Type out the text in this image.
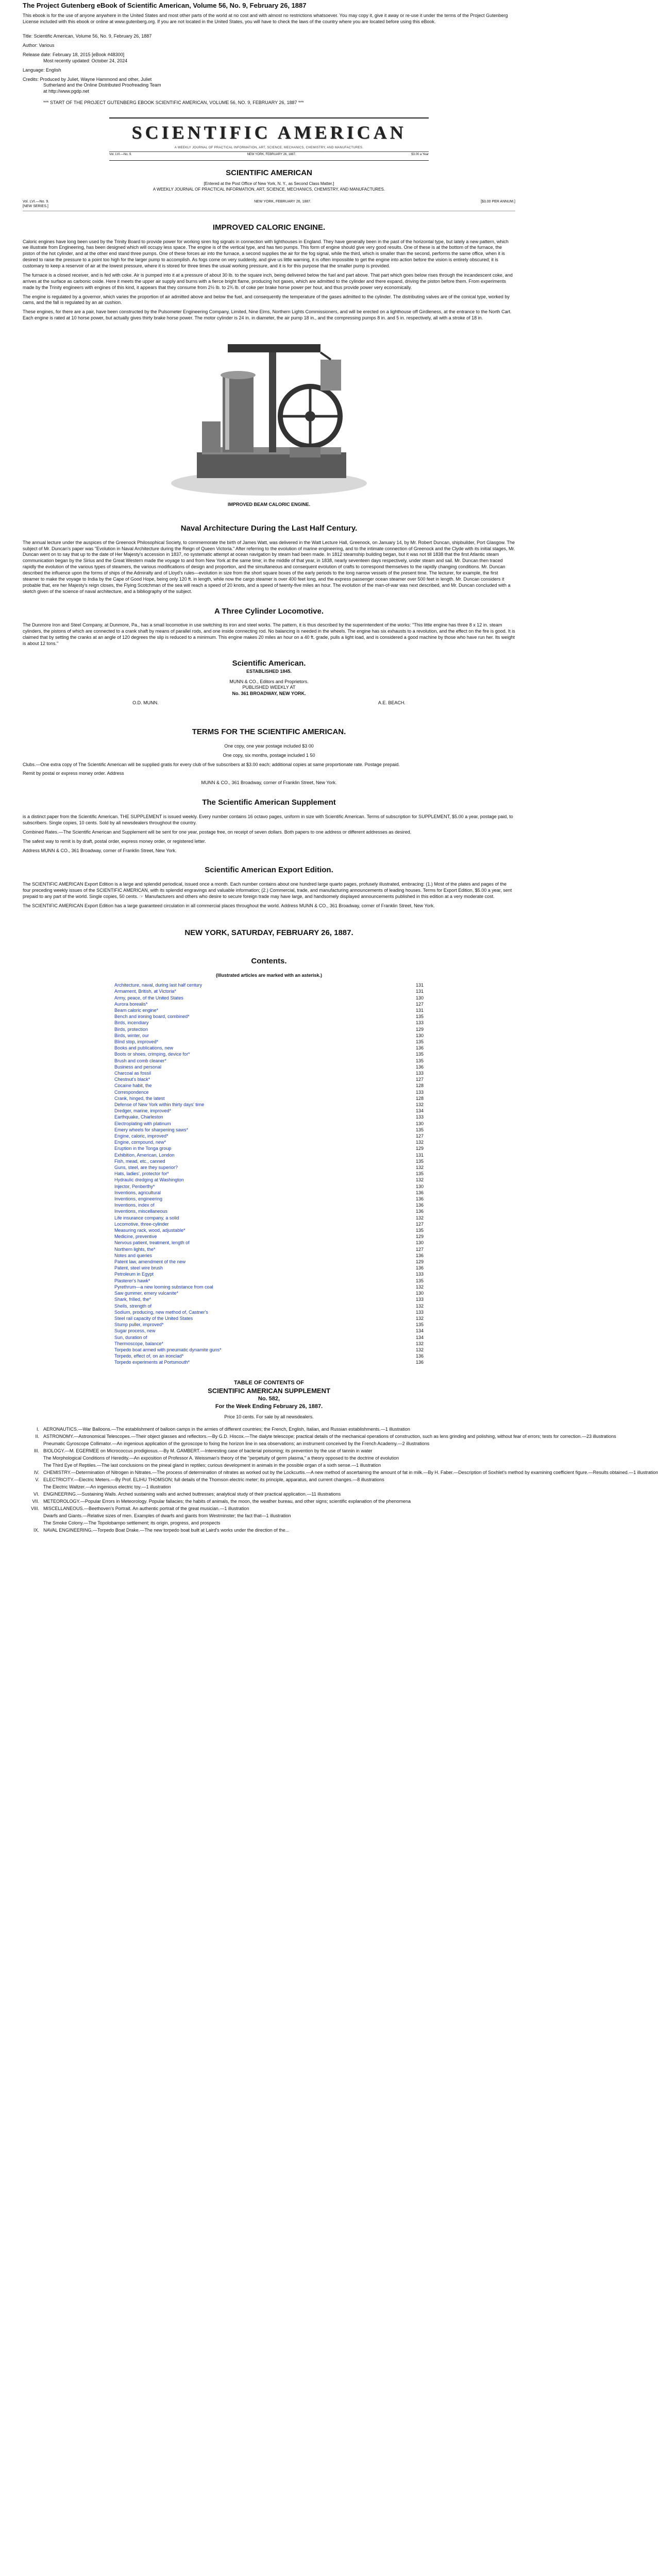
The Project Gutenberg eBook of Scientific American, Volume 56, No. 9, February 26, 1887

This ebook is for the use of anyone anywhere in the United States and most other parts of the world at no cost and with almost no restrictions whatsoever. You may copy it, give it away or re-use it under the terms of the Project Gutenberg License included with this ebook or online at www.gutenberg.org. If you are not located in the United States, you will have to check the laws of the country where you are located before using this eBook.

Title: Scientific American, Volume 56, No. 9, February 26, 1887

Author: Various

Release date: February 18, 2015 [eBook #48300]

Most recently updated: October 24, 2024

Language: English

Credits: Produced by Juliet, Wayne Hammond and other, Juliet

Sutherland and the Online Distributed Proofreading Team

at http://www.pgdp.net

*** START OF THE PROJECT GUTENBERG EBOOK SCIENTIFIC AMERICAN, VOLUME 56, NO. 9, FEBRUARY 26, 1887 ***

SCIENTIFIC AMERICAN
A WEEKLY JOURNAL OF PRACTICAL INFORMATION, ART, SCIENCE, MECHANICS, CHEMISTRY, AND MANUFACTURES.
Vol. LVI.—No. 9.	NEW YORK, FEBRUARY 26, 1887.	$3.00 a Year
SCIENTIFIC AMERICAN

[Entered at the Post Office of New York, N. Y., as Second Class Matter.]

A WEEKLY JOURNAL OF PRACTICAL INFORMATION, ART, SCIENCE, MECHANICS, CHEMISTRY, AND MANUFACTURES.

Vol. LVI.—No. 9.
[NEW SERIES.]
NEW YORK, FEBRUARY 26, 1887.	[$3.00 PER ANNUM.]
IMPROVED CALORIC ENGINE.

Caloric engines have long been used by the Trinity Board to provide power for working siren fog signals in connection with lighthouses in England. They have generally been in the past of the horizontal type, but lately a new pattern, which we illustrate from Engineering, has been designed which will occupy less space. The engine is of the vertical type, and has two pumps. This form of engine should give very good results. One of these is at the bottom of the furnace, the piston of the hot cylinder, and at the other end stand three pumps. One of these forces air into the furnace, a second supplies the air for the fog signal, while the third, which is smaller than the second, performs the same office, when it is desired to raise the pressure to a point too high for the larger pump to accomplish. As fogs come on very suddenly, and give us little warning, it is often impossible to get the engine into action before the vision is entirely obscured; it is customary to keep a reservoir of air at the lowest pressure, where it is stored for three times the usual working pressure, and it is for this purpose that the smaller pump is provided.

The furnace is a closed receiver, and is fed with coke. Air is pumped into it at a pressure of about 30 lb. to the square inch, being delivered below the fuel and part above. That part which goes below rises through the incandescent coke, and arrives at the surface as carbonic oxide. Here it meets the upper air supply and burns with a fierce bright flame, producing hot gases, which are admitted to the cylinder and there expand, driving the piston before them. From experiments made by the Trinity engineers with engines of this kind, it appears that they consume from 2½ lb. to 2¾ lb. of coke per brake horse power per hour, and thus provide power very economically.

The engine is regulated by a governor, which varies the proportion of air admitted above and below the fuel, and consequently the temperature of the gases admitted to the cylinder. The distributing valves are of the conical type, worked by cams, and the fall is regulated by an air cushion.

These engines, for there are a pair, have been constructed by the Pulsometer Engineering Company, Limited, Nine Elms, Northern Lights Commissioners, and will be erected on a lighthouse off Girdleness, at the entrance to the North Cart. Each engine is rated at 10 horse power, but actually gives thirty brake horse power. The motor cylinder is 24 in. in diameter, the air pump 18 in., and the compressing pumps 8 in. and 5 in. respectively, all with a stroke of 18 in.

IMPROVED BEAM CALORIC ENGINE.
Naval Architecture During the Last Half Century.

The annual lecture under the auspices of the Greenock Philosophical Society, to commemorate the birth of James Watt, was delivered in the Watt Lecture Hall, Greenock, on January 14, by Mr. Robert Duncan, shipbuilder, Port Glasgow. The subject of Mr. Duncan's paper was "Evolution in Naval Architecture during the Reign of Queen Victoria." After referring to the evolution of marine engineering, and to the intimate connection of Greenock and the Clyde with its initial stages, Mr. Duncan went on to say that up to the date of Her Majesty's accession in 1837, no systematic attempt at ocean navigation by steam had been made. In 1812 steamship building began, but it was not till 1838 that the first Atlantic steam communication began by the Sirius and the Great Western made the voyage to and from New York at the same time; in the middle of that year, in 1838, nearly seventeen days respectively, under steam and sail. Mr. Duncan then traced rapidly the evolution of the various types of steamers, the various modifications of design and proportion, and the simultaneous and consequent evolution of crafts to correspond themselves to the rapidly changing conditions. Mr. Duncan described the influence upon the forms of ships of the Admiralty and of Lloyd's rules—evolution in size from the short square boxes of the early periods to the long narrow vessels of the present time. The lecturer, for example, the first steamer to make the voyage to India by the Cape of Good Hope, being only 120 ft. in length, while now the cargo steamer is over 400 feet long, and the express passenger ocean steamer over 500 feet in length. Mr. Duncan considers it probable that, ere her Majesty's reign closes, the Flying Scotchman of the sea will reach a speed of 20 knots, and a speed of twenty-five miles an hour. The evolution of the man-of-war was next described, and Mr. Duncan concluded with a sketch given of the science of naval architecture, and a bibliography of the subject.

A Three Cylinder Locomotive.

The Dunmore Iron and Steel Company, at Dunmore, Pa., has a small locomotive in use switching its iron and steel works. The pattern, it is thus described by the superintendent of the works: "This little engine has three 8 x 12 in. steam cylinders, the pistons of which are connected to a crank shaft by means of parallel rods, and one inside connecting rod. No balancing is needed in the wheels. The engine has six exhausts to a revolution, and the effect on the fire is good. It is claimed that by setting the cranks at an angle of 120 degrees the slip is reduced to a minimum. This engine makes 20 miles an hour on a 40 ft. grade, pulls a light load, and is considered a good machine by those who have run her. Its weight is about 12 tons."

Scientific American.
ESTABLISHED 1845.
MUNN & CO., Editors and Proprietors.
PUBLISHED WEEKLY AT
No. 361 BROADWAY, NEW YORK.
O.D. MUNN.	A.E. BEACH.
TERMS FOR THE SCIENTIFIC AMERICAN.

One copy, one year postage included $3 00

One copy, six months, postage included 1 50

Clubs.—One extra copy of The Scientific American will be supplied gratis for every club of five subscribers at $3.00 each; additional copies at same proportionate rate. Postage prepaid.

Remit by postal or express money order. Address

MUNN & CO., 361 Broadway, corner of Franklin Street, New York.

The Scientific American Supplement

is a distinct paper from the Scientific American. THE SUPPLEMENT is issued weekly. Every number contains 16 octavo pages, uniform in size with Scientific American. Terms of subscription for SUPPLEMENT, $5.00 a year, postage paid, to subscribers. Single copies, 10 cents. Sold by all newsdealers throughout the country.

Combined Rates.—The Scientific American and Supplement will be sent for one year, postage free, on receipt of seven dollars. Both papers to one address or different addresses as desired.

The safest way to remit is by draft, postal order, express money order, or registered letter.

Address MUNN & CO., 361 Broadway, corner of Franklin Street, New York.

Scientific American Export Edition.

The SCIENTIFIC AMERICAN Export Edition is a large and splendid periodical, issued once a month. Each number contains about one hundred large quarto pages, profusely illustrated, embracing: (1.) Most of the plates and pages of the four preceding weekly issues of the SCIENTIFIC AMERICAN, with its splendid engravings and valuable information; (2.) Commercial, trade, and manufacturing announcements of leading houses. Terms for Export Edition, $5.00 a year, sent prepaid to any part of the world. Single copies, 50 cents. ☞ Manufacturers and others who desire to secure foreign trade may have large, and handsomely displayed announcements published in this edition at a very moderate cost.

The SCIENTIFIC AMERICAN Export Edition has a large guaranteed circulation in all commercial places throughout the world. Address MUNN & CO., 361 Broadway, corner of Franklin Street, New York.

NEW YORK, SATURDAY, FEBRUARY 26, 1887.
Contents.
(Illustrated articles are marked with an asterisk.)
Architecture, naval, during last half century	131
Armament, British, at Victoria*	131
Army, peace, of the United States	130
Aurora borealis*	127
Beam caloric engine*	131
Bench and ironing board, combined*	135
Birds, incendiary	133
Birds, protection	129
Birds, winter, our	130
Blind stop, improved*	135
Books and publications, new	136
Boots or shoes, crimping, device for*	135
Brush and comb cleaner*	135
Business and personal	136
Charcoal as fossil	133
Chestnut's black*	127
Cocaine habit, the	128
Correspondence	133
Crank, hinged, the latest	128
Defense of New York within thirty days' time	132
Dredger, marine, improved*	134
Earthquake, Charleston	133
Electroplating with platinum	130
Emery wheels for sharpening saws*	135
Engine, caloric, improved*	127
Engine, compound, new*	132
Eruption in the Tonga group	129
Exhibition, American, London	131
Fish, mead, etc., canned	135
Guns, steel, are they superior?	132
Hats, ladies', protector for*	135
Hydraulic dredging at Washington	132
Injector, Penberthy*	130
Inventions, agricultural	136
Inventions, engineering	136
Inventions, index of	136
Inventions, miscellaneous	136
Life insurance company, a solid	132
Locomotive, three-cylinder	127
Measuring rack, wood, adjustable*	135
Medicine, preventive	129
Nervous patient, treatment, length of	130
Northern lights, the*	127
Notes and queries	136
Patent law, amendment of the new	129
Patent, steel wire brush	136
Petroleum in Egypt	133
Plasterer's hawk*	135
Pyrethrum—a new looming substance from coal	132
Saw gummer, emery vulcanite*	130
Shark, frilled, the*	133
Shells, strength of	132
Sodium, producing, new method of, Castner's	133
Steel rail capacity of the United States	132
Stump puller, improved*	135
Sugar process, new	134
Sun, duration of	134
Thermoscope, balance*	132
Torpedo boat armed with pneumatic dynamite guns*	132
Torpedo, effect of, on an ironclad*	136
Torpedo experiments at Portsmouth*	136
TABLE OF CONTENTS OF
SCIENTIFIC AMERICAN SUPPLEMENT
No. 582,
For the Week Ending February 26, 1887.
Price 10 cents. For sale by all newsdealers.
I. AERONAUTICS.—War Balloons.—The establishment of balloon camps in the armies of different countries; the French, English, Italian, and Russian establishments.—1 illustration
II. ASTRONOMY.—Astronomical Telescopes.—Their object glasses and reflectors.—By G.D. Hiscox.—The dialyte telescope; practical details of the mechanical operations of construction, such as lens grinding and polishing, without fear of errors; tests for correction.—23 illustrations
Pneumatic Gyroscope Collimator.—An ingenious application of the gyroscope to fixing the horizon line in sea observations; an instrument conceived by the French Academy.—2 illustrations
III. BIOLOGY.—M. EGERMEE on Micrococcus prodigiosus.—By M. GAMBERT.—Interesting case of bacterial poisoning; its prevention by the use of tannin in water
The Morphological Conditions of Heredity.—An exposition of Professor A. Weissman's theory of the "perpetuity of germ plasma," a theory opposed to the doctrine of evolution
The Third Eye of Reptiles.—The last conclusions on the pineal gland in reptiles; curious development in animals in the possible organ of a sixth sense.—1 illustration
IV. CHEMISTRY.—Determination of Nitrogen in Nitrates.—The process of determination of nitrates as worked out by the Lockcurtis.—A new method of ascertaining the amount of fat in milk.—By H. Faber.—Description of Soxhlet's method by examining coefficient figure.—Results obtained.—1 illustration
V. ELECTRICITY.—Electric Meters.—By Prof. ELIHU THOMSON; full details of the Thomson electric meter; its principle, apparatus, and current changes.—8 illustrations
The Electric Waltzer.—An ingenious electric toy.—1 illustration
VI. ENGINEERING.—Sustaining Walls. Arched sustaining walls and arched buttresses; analytical study of their practical application.—11 illustrations
VII. METEOROLOGY.—Popular Errors in Meteorology. Popular fallacies; the habits of animals, the moon, the weather bureau, and other signs; scientific explanation of the phenomena
VIII. MISCELLANEOUS.—Beethoven's Portrait. An authentic portrait of the great musician.—1 illustration
Dwarfs and Giants.—Relative sizes of men. Examples of dwarfs and giants from Westminster; the fact that—1 illustration
The Smoke Colony.—The Topolobampo settlement; its origin, progress, and prospects
IX. NAVAL ENGINEERING.—Torpedo Boat Drake.—The new torpedo boat built at Laird's works under the direction of the...
